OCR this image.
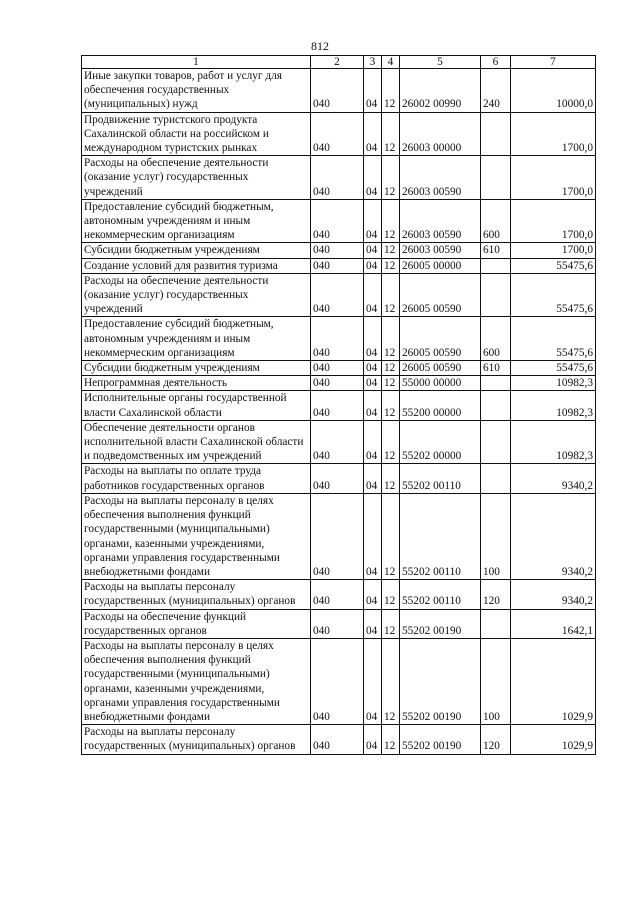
812
1	2	3	4	5	6	7
Иные закупки товаров, работ и услуг для обеспечения государственных (муниципальных) нужд	040	04	12	26002 00990	240	10000,0
Продвижение туристского продукта Сахалинской области на российском и международном туристских рынках	040	04	12	26003 00000		1700,0
Расходы на обеспечение деятельности (оказание услуг) государственных учреждений	040	04	12	26003 00590		1700,0
Предоставление субсидий бюджетным, автономным учреждениям и иным некоммерческим организациям	040	04	12	26003 00590	600	1700,0
Субсидии бюджетным учреждениям	040	04	12	26003 00590	610	1700,0
Создание условий для развития туризма	040	04	12	26005 00000		55475,6
Расходы на обеспечение деятельности (оказание услуг) государственных учреждений	040	04	12	26005 00590		55475,6
Предоставление субсидий бюджетным, автономным учреждениям и иным некоммерческим организациям	040	04	12	26005 00590	600	55475,6
Субсидии бюджетным учреждениям	040	04	12	26005 00590	610	55475,6
Непрограммная деятельность	040	04	12	55000 00000		10982,3
Исполнительные органы государственной власти Сахалинской области	040	04	12	55200 00000		10982,3
Обеспечение деятельности органов исполнительной власти Сахалинской области и подведомственных им учреждений	040	04	12	55202 00000		10982,3
Расходы на выплаты по оплате труда работников государственных органов	040	04	12	55202 00110		9340,2
Расходы на выплаты персоналу в целях обеспечения выполнения функций государственными (муниципальными) органами, казенными учреждениями, органами управления государственными внебюджетными фондами	040	04	12	55202 00110	100	9340,2
Расходы на выплаты персоналу государственных (муниципальных) органов	040	04	12	55202 00110	120	9340,2
Расходы на обеспечение функций государственных органов	040	04	12	55202 00190		1642,1
Расходы на выплаты персоналу в целях обеспечения выполнения функций государственными (муниципальными) органами, казенными учреждениями, органами управления государственными внебюджетными фондами	040	04	12	55202 00190	100	1029,9
Расходы на выплаты персоналу государственных (муниципальных) органов	040	04	12	55202 00190	120	1029,9
